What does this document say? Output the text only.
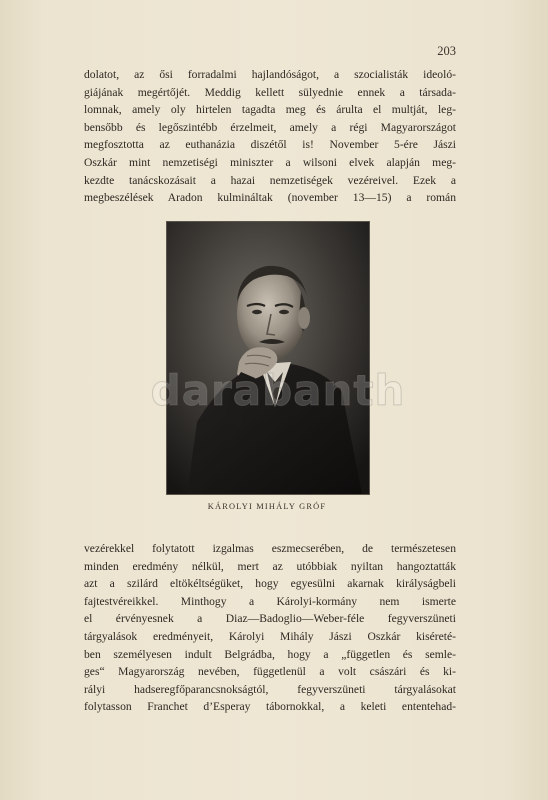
203
dolatot, az ősi forradalmi hajlandóságot, a szocialisták ideoló-
giájának megértőjét. Meddig kellett sülyednie ennek a társada-
lomnak, amely oly hirtelen tagadta meg és árulta el multját, leg-
bensőbb és legőszintébb érzelmeit, amely a régi Magyarországot
megfosztotta az euthanázia diszétől is! November 5-ére Jászi
Oszkár mint nemzetiségi miniszter a wilsoni elvek alapján meg-
kezdte tanácskozásait a hazai nemzetiségek vezéreivel. Ezek a
megbeszélések Aradon kulmináltak (november 13—15) a román
KÁROLYI MIHÁLY GRÓF
vezérekkel folytatott izgalmas eszmecserében, de természetesen
minden eredmény nélkül, mert az utóbbiak nyiltan hangoztatták
azt a szilárd eltökéltségüket, hogy egyesülni akarnak királyságbeli
fajtestvéreikkel. Minthogy a Károlyi-kormány nem ismerte
el érvényesnek a Diaz—Badoglio—Weber-féle fegyverszüneti
tárgyalások eredményeit, Károlyi Mihály Jászi Oszkár kiséreté-
ben személyesen indult Belgrádba, hogy a „független és semle-
ges“ Magyarország nevében, függetlenül a volt császári és ki-
rályi hadseregfőparancsnokságtól, fegyverszüneti tárgyalásokat
folytasson Franchet d’Esperay tábornokkal, a keleti ententehad-
